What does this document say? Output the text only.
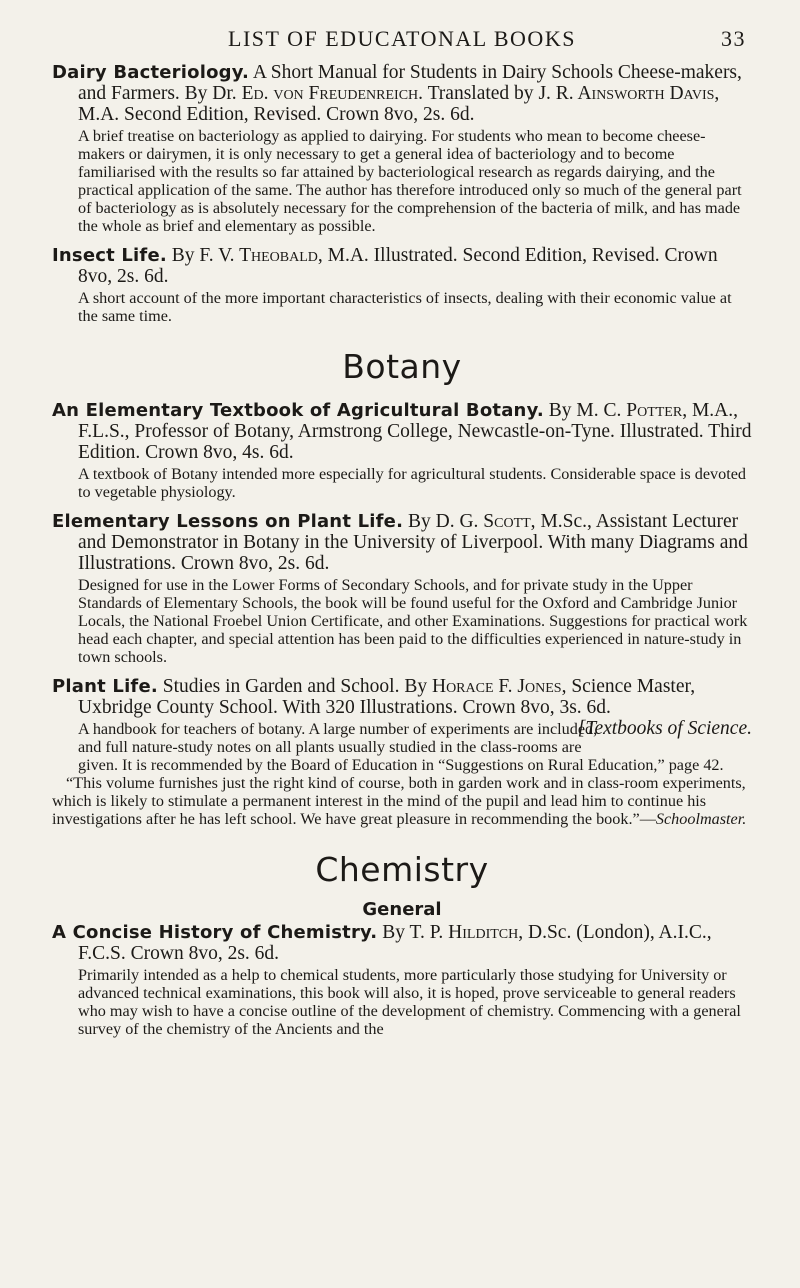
LIST OF EDUCATONAL BOOKS	33

Dairy Bacteriology. A Short Manual for Students in Dairy Schools Cheese-makers, and Farmers. By Dr. Ed. von Freudenreich. Translated by J. R. Ainsworth Davis, M.A. Second Edition, Revised. Crown 8vo, 2s. 6d.

A brief treatise on bacteriology as applied to dairying. For students who mean to become cheese-makers or dairymen, it is only necessary to get a general idea of bacteriology and to become familiarised with the results so far attained by bacteriological research as regards dairying, and the practical application of the same. The author has therefore introduced only so much of the general part of bacteriology as is absolutely necessary for the comprehension of the bacteria of milk, and has made the whole as brief and elementary as possible.

Insect Life. By F. V. Theobald, M.A. Illustrated. Second Edition, Revised. Crown 8vo, 2s. 6d.

A short account of the more important characteristics of insects, dealing with their economic value at the same time.

Botany

An Elementary Textbook of Agricultural Botany. By M. C. Potter, M.A., F.L.S., Professor of Botany, Armstrong College, Newcastle-on-Tyne. Illustrated. Third Edition. Crown 8vo, 4s. 6d.

A textbook of Botany intended more especially for agricultural students. Considerable space is devoted to vegetable physiology.

Elementary Lessons on Plant Life. By D. G. Scott, M.Sc., Assistant Lecturer and Demonstrator in Botany in the University of Liverpool. With many Diagrams and Illustrations. Crown 8vo, 2s. 6d.

Designed for use in the Lower Forms of Secondary Schools, and for private study in the Upper Standards of Elementary Schools, the book will be found useful for the Oxford and Cambridge Junior Locals, the National Froebel Union Certificate, and other Examinations. Suggestions for practical work head each chapter, and special attention has been paid to the difficulties experienced in nature-study in town schools.

Plant Life. Studies in Garden and School. By Horace F. Jones, Science Master, Uxbridge County School. With 320 Illustrations. Crown 8vo, 3s. 6d.
[Textbooks of Science.

A handbook for teachers of botany. A large number of experiments are included, and full nature-study notes on all plants usually studied in the class-rooms are given. It is recommended by the Board of Education in “Suggestions on Rural Education,” page 42.

“This volume furnishes just the right kind of course, both in garden work and in class-room experiments, which is likely to stimulate a permanent interest in the mind of the pupil and lead him to continue his investigations after he has left school. We have great pleasure in recommending the book.”—Schoolmaster.

Chemistry
General

A Concise History of Chemistry. By T. P. Hilditch, D.Sc. (London), A.I.C., F.C.S. Crown 8vo, 2s. 6d.

Primarily intended as a help to chemical students, more particularly those studying for University or advanced technical examinations, this book will also, it is hoped, prove serviceable to general readers who may wish to have a concise outline of the development of chemistry. Commencing with a general survey of the chemistry of the Ancients and the
